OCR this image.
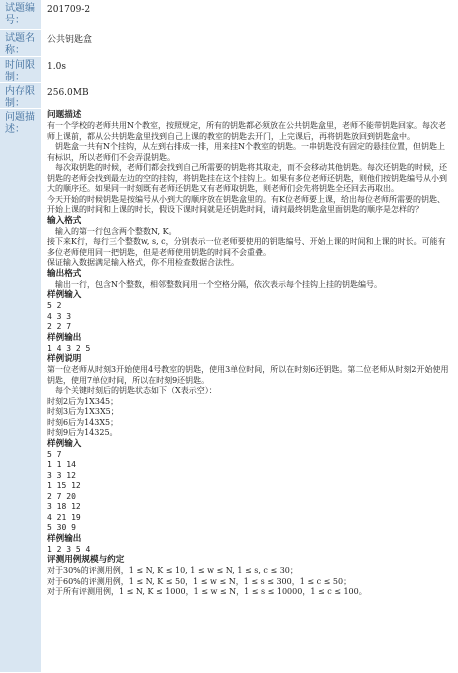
试题编号：
201709-2
试题名称：
公共钥匙盒
时间限制：
1.0s
内存限制：
256.0MB
问题描述：

问题描述

有一个学校的老师共用N个教室，按照规定，所有的钥匙都必须放在公共钥匙盒里，老师不能带钥匙回家。每次老师上课前，都从公共钥匙盒里找到自己上课的教室的钥匙去开门，上完课后，再将钥匙放回到钥匙盒中。

钥匙盒一共有N个挂钩，从左到右排成一排，用来挂N个教室的钥匙。一串钥匙没有固定的悬挂位置，但钥匙上有标识，所以老师们不会弄混钥匙。

每次取钥匙的时候，老师们都会找到自己所需要的钥匙将其取走，而不会移动其他钥匙。每次还钥匙的时候，还钥匙的老师会找到最左边的空的挂钩，将钥匙挂在这个挂钩上。如果有多位老师还钥匙，则他们按钥匙编号从小到大的顺序还。如果同一时刻既有老师还钥匙又有老师取钥匙，则老师们会先将钥匙全还回去再取出。

今天开始的时候钥匙是按编号从小到大的顺序放在钥匙盒里的。有K位老师要上课，给出每位老师所需要的钥匙、开始上课的时间和上课的时长，假设下课时间就是还钥匙时间，请问最终钥匙盒里面钥匙的顺序是怎样的？

输入格式

输入的第一行包含两个整数N, K。

接下来K行，每行三个整数w, s, c，分别表示一位老师要使用的钥匙编号、开始上课的时间和上课的时长。可能有多位老师使用同一把钥匙，但是老师使用钥匙的时间不会重叠。

保证输入数据满足输入格式，你不用检查数据合法性。

输出格式

输出一行，包含N个整数，相邻整数间用一个空格分隔，依次表示每个挂钩上挂的钥匙编号。

样例输入

5 2
4 3 3
2 2 7

样例输出

1 4 3 2 5

样例说明

第一位老师从时刻3开始使用4号教室的钥匙，使用3单位时间，所以在时刻6还钥匙。第二位老师从时刻2开始使用钥匙，使用7单位时间，所以在时刻9还钥匙。

每个关键时刻后的钥匙状态如下（X表示空）：

时刻2后为1X345；

时刻3后为1X3X5；

时刻6后为143X5；

时刻9后为14325。

样例输入

5 7
1 1 14
3 3 12
1 15 12
2 7 20
3 18 12
4 21 19
5 30 9

样例输出

1 2 3 5 4

评测用例规模与约定

对于30%的评测用例，1 ≤ N, K ≤ 10, 1 ≤ w ≤ N, 1 ≤ s, c ≤ 30；

对于60%的评测用例，1 ≤ N, K ≤ 50，1 ≤ w ≤ N，1 ≤ s ≤ 300，1 ≤ c ≤ 50；

对于所有评测用例，1 ≤ N, K ≤ 1000，1 ≤ w ≤ N，1 ≤ s ≤ 10000，1 ≤ c ≤ 100。
